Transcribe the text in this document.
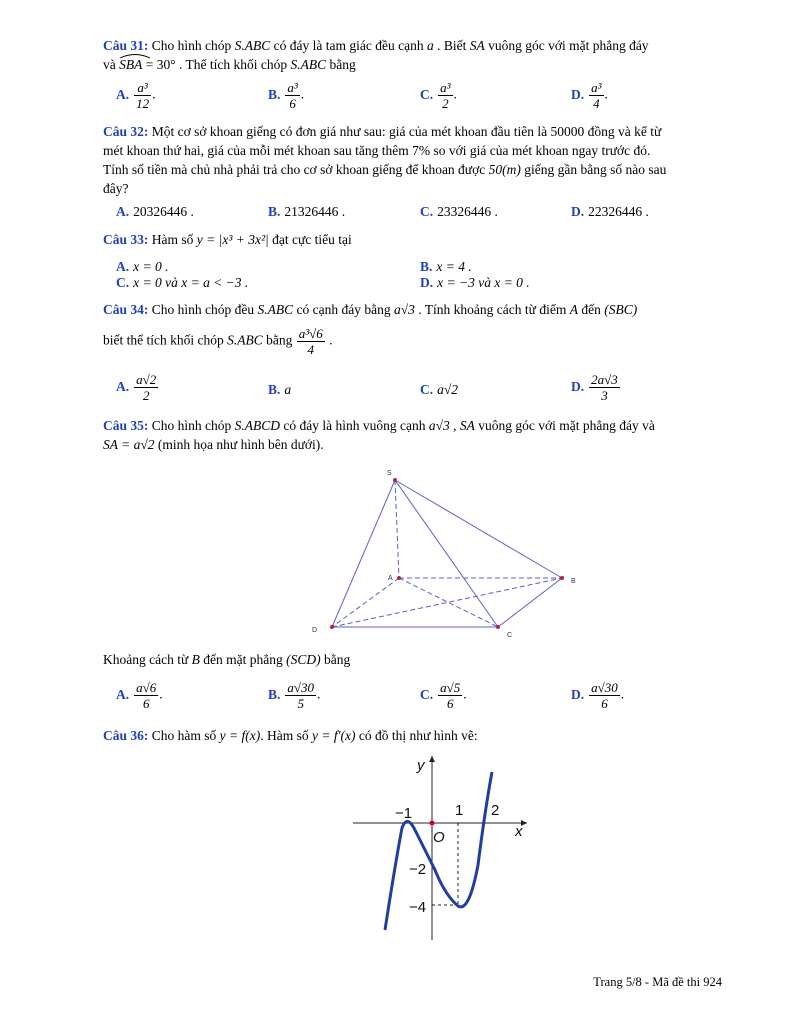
Câu 31: Cho hình chóp S.ABC có đáy là tam giác đều cạnh a . Biết SA vuông góc với mặt phẳng đáy
và SBA
= 30° . Thể tích khối chóp S.ABC bằng
A. $\frac{\text{a³}}{12}$ .	B. $\frac{\text{a³}}{6}$ .	C. $\frac{\text{a³}}{2}$ .	D. $\frac{\text{a³}}{4}$ .
Câu 32: Một cơ sở khoan giếng có đơn giá như sau: giá của mét khoan đầu tiên là 50000 đồng và kể từ
mét khoan thứ hai, giá của mỗi mét khoan sau tăng thêm 7% so với giá của mét khoan ngay trước đó.
Tính số tiền mà chủ nhà phải trả cho cơ sở khoan giếng để khoan được 50(m) giếng gần bằng số nào sau
đây?
A. 20326446 .	B. 21326446 .	C. 23326446 .	D. 22326446 .
Câu 33: Hàm số y = |x³ + 3x²| đạt cực tiểu tại
A. x = 0 .	B. x = 4 .
C. x = 0 và x = a < −3 .	D. x = −3 và x = 0 .
Câu 34: Cho hình chóp đều S.ABC có cạnh đáy bằng a√3 . Tính khoảng cách từ điểm A đến (SBC)
biết thể tích khối chóp S.ABC bằng $\frac{\text{a³√6}}{4}$ .
A. $\frac{a√2}{2}$	B. a	C. a√2	D. $\frac{2a√3}{3}$
Câu 35: Cho hình chóp S.ABCD có đáy là hình vuông cạnh a√3 , SA vuông góc với mặt phẳng đáy và
SA = a√2 (minh họa như hình bên dưới).
S
A	B
C
D
Khoảng cách từ B đến mặt phẳng (SCD) bằng
A. $\frac{a√6}{6}$ .	B. $\frac{a√30}{5}$ .	C. $\frac{a√5}{6}$ .	D. $\frac{a√30}{6}$ .
Câu 36: Cho hàm số y = f(x). Hàm số y = f′(x) có đồ thị như hình vẽ:
y
x
O
−1	1 2
−2
−4
Trang 5/8 - Mã đề thi 924
